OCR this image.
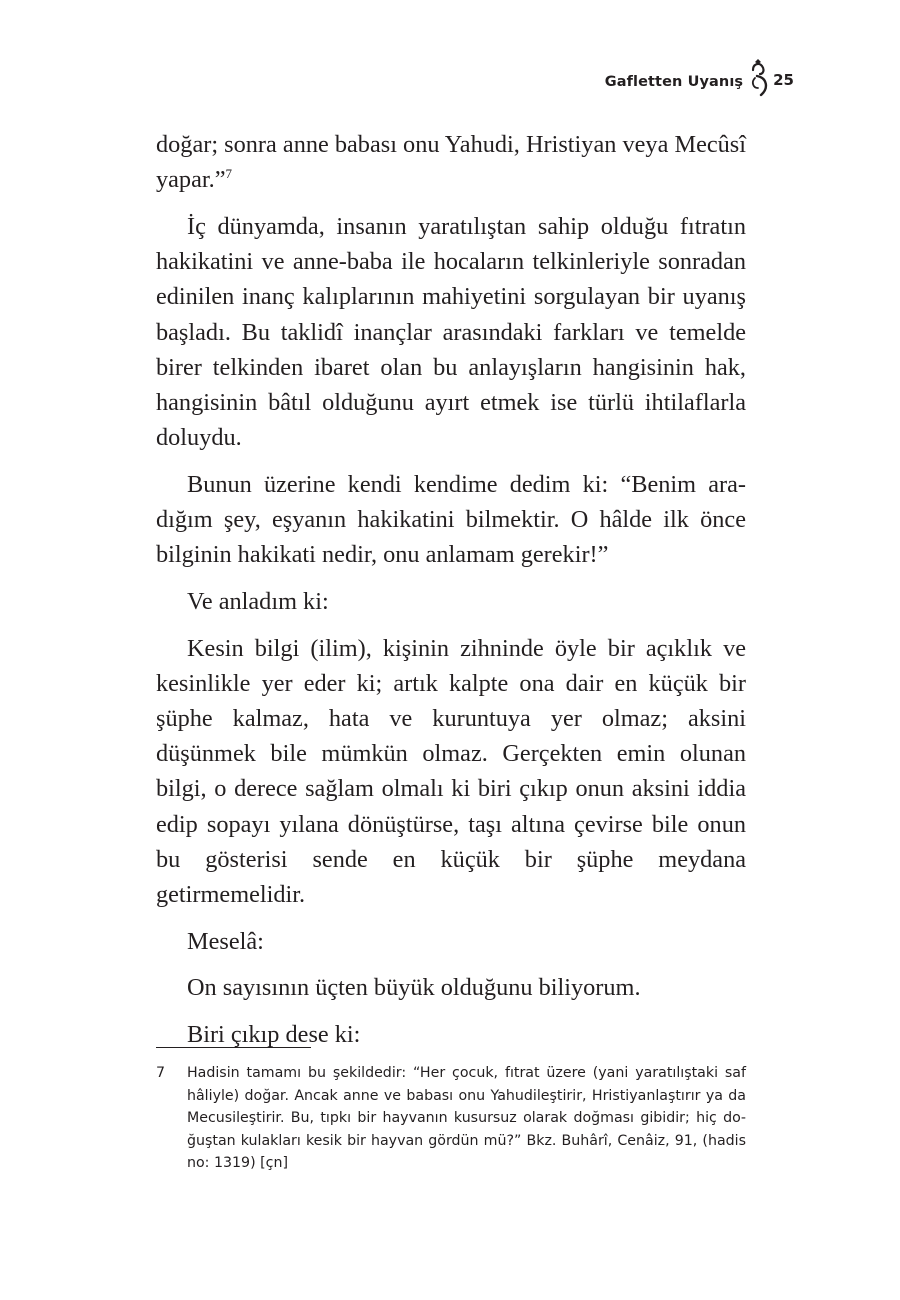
Gafletten Uyanış 25

doğar; sonra anne babası onu Yahudi, Hristiyan veya Mecûsî yapar.”$^7$

İç dünyamda, insanın yaratılıştan sahip olduğu fıtratın hakikatini ve anne-baba ile hocaların telkinleriyle sonradan edinilen inanç kalıplarının mahiyetini sorgulayan bir uyanış başladı. Bu taklidî inançlar arasındaki farkları ve temelde birer telkinden ibaret olan bu anlayışların hangisinin hak, hangisinin bâtıl olduğunu ayırt etmek ise türlü ihtilaflarla doluydu.

Bunun üzerine kendi kendime dedim ki: “Benim aradığım şey, eşyanın hakikatini bilmektir. O hâlde ilk önce bilginin hakikati nedir, onu anlamam gerekir!”

Ve anladım ki:

Kesin bilgi (ilim), kişinin zihninde öyle bir açıklık ve kesinlikle yer eder ki; artık kalpte ona dair en küçük bir şüphe kalmaz, hata ve kuruntuya yer olmaz; aksini düşünmek bile mümkün olmaz. Gerçekten emin olunan bilgi, o derece sağlam olmalı ki biri çıkıp onun aksini iddia edip sopayı yılana dönüştürse, taşı altına çevirse bile onun bu gösterisi sende en küçük bir şüphe meydana getirmemelidir.

Meselâ:

On sayısının üçten büyük olduğunu biliyorum.

Biri çıkıp dese ki:

7	Hadisin tamamı bu şekildedir: “Her çocuk, fıtrat üzere (yani yaratılıştaki saf hâliyle) doğar. Ancak anne ve babası onu Yahudileştirir, Hristiyanlaştırır ya da Mecusileştirir. Bu, tıpkı bir hayvanın kusursuz olarak doğması gibidir; hiç doğuştan kulakları kesik bir hayvan gördün mü?” Bkz. Buhârî, Cenâiz, 91, (hadis no: 1319) [çn]
